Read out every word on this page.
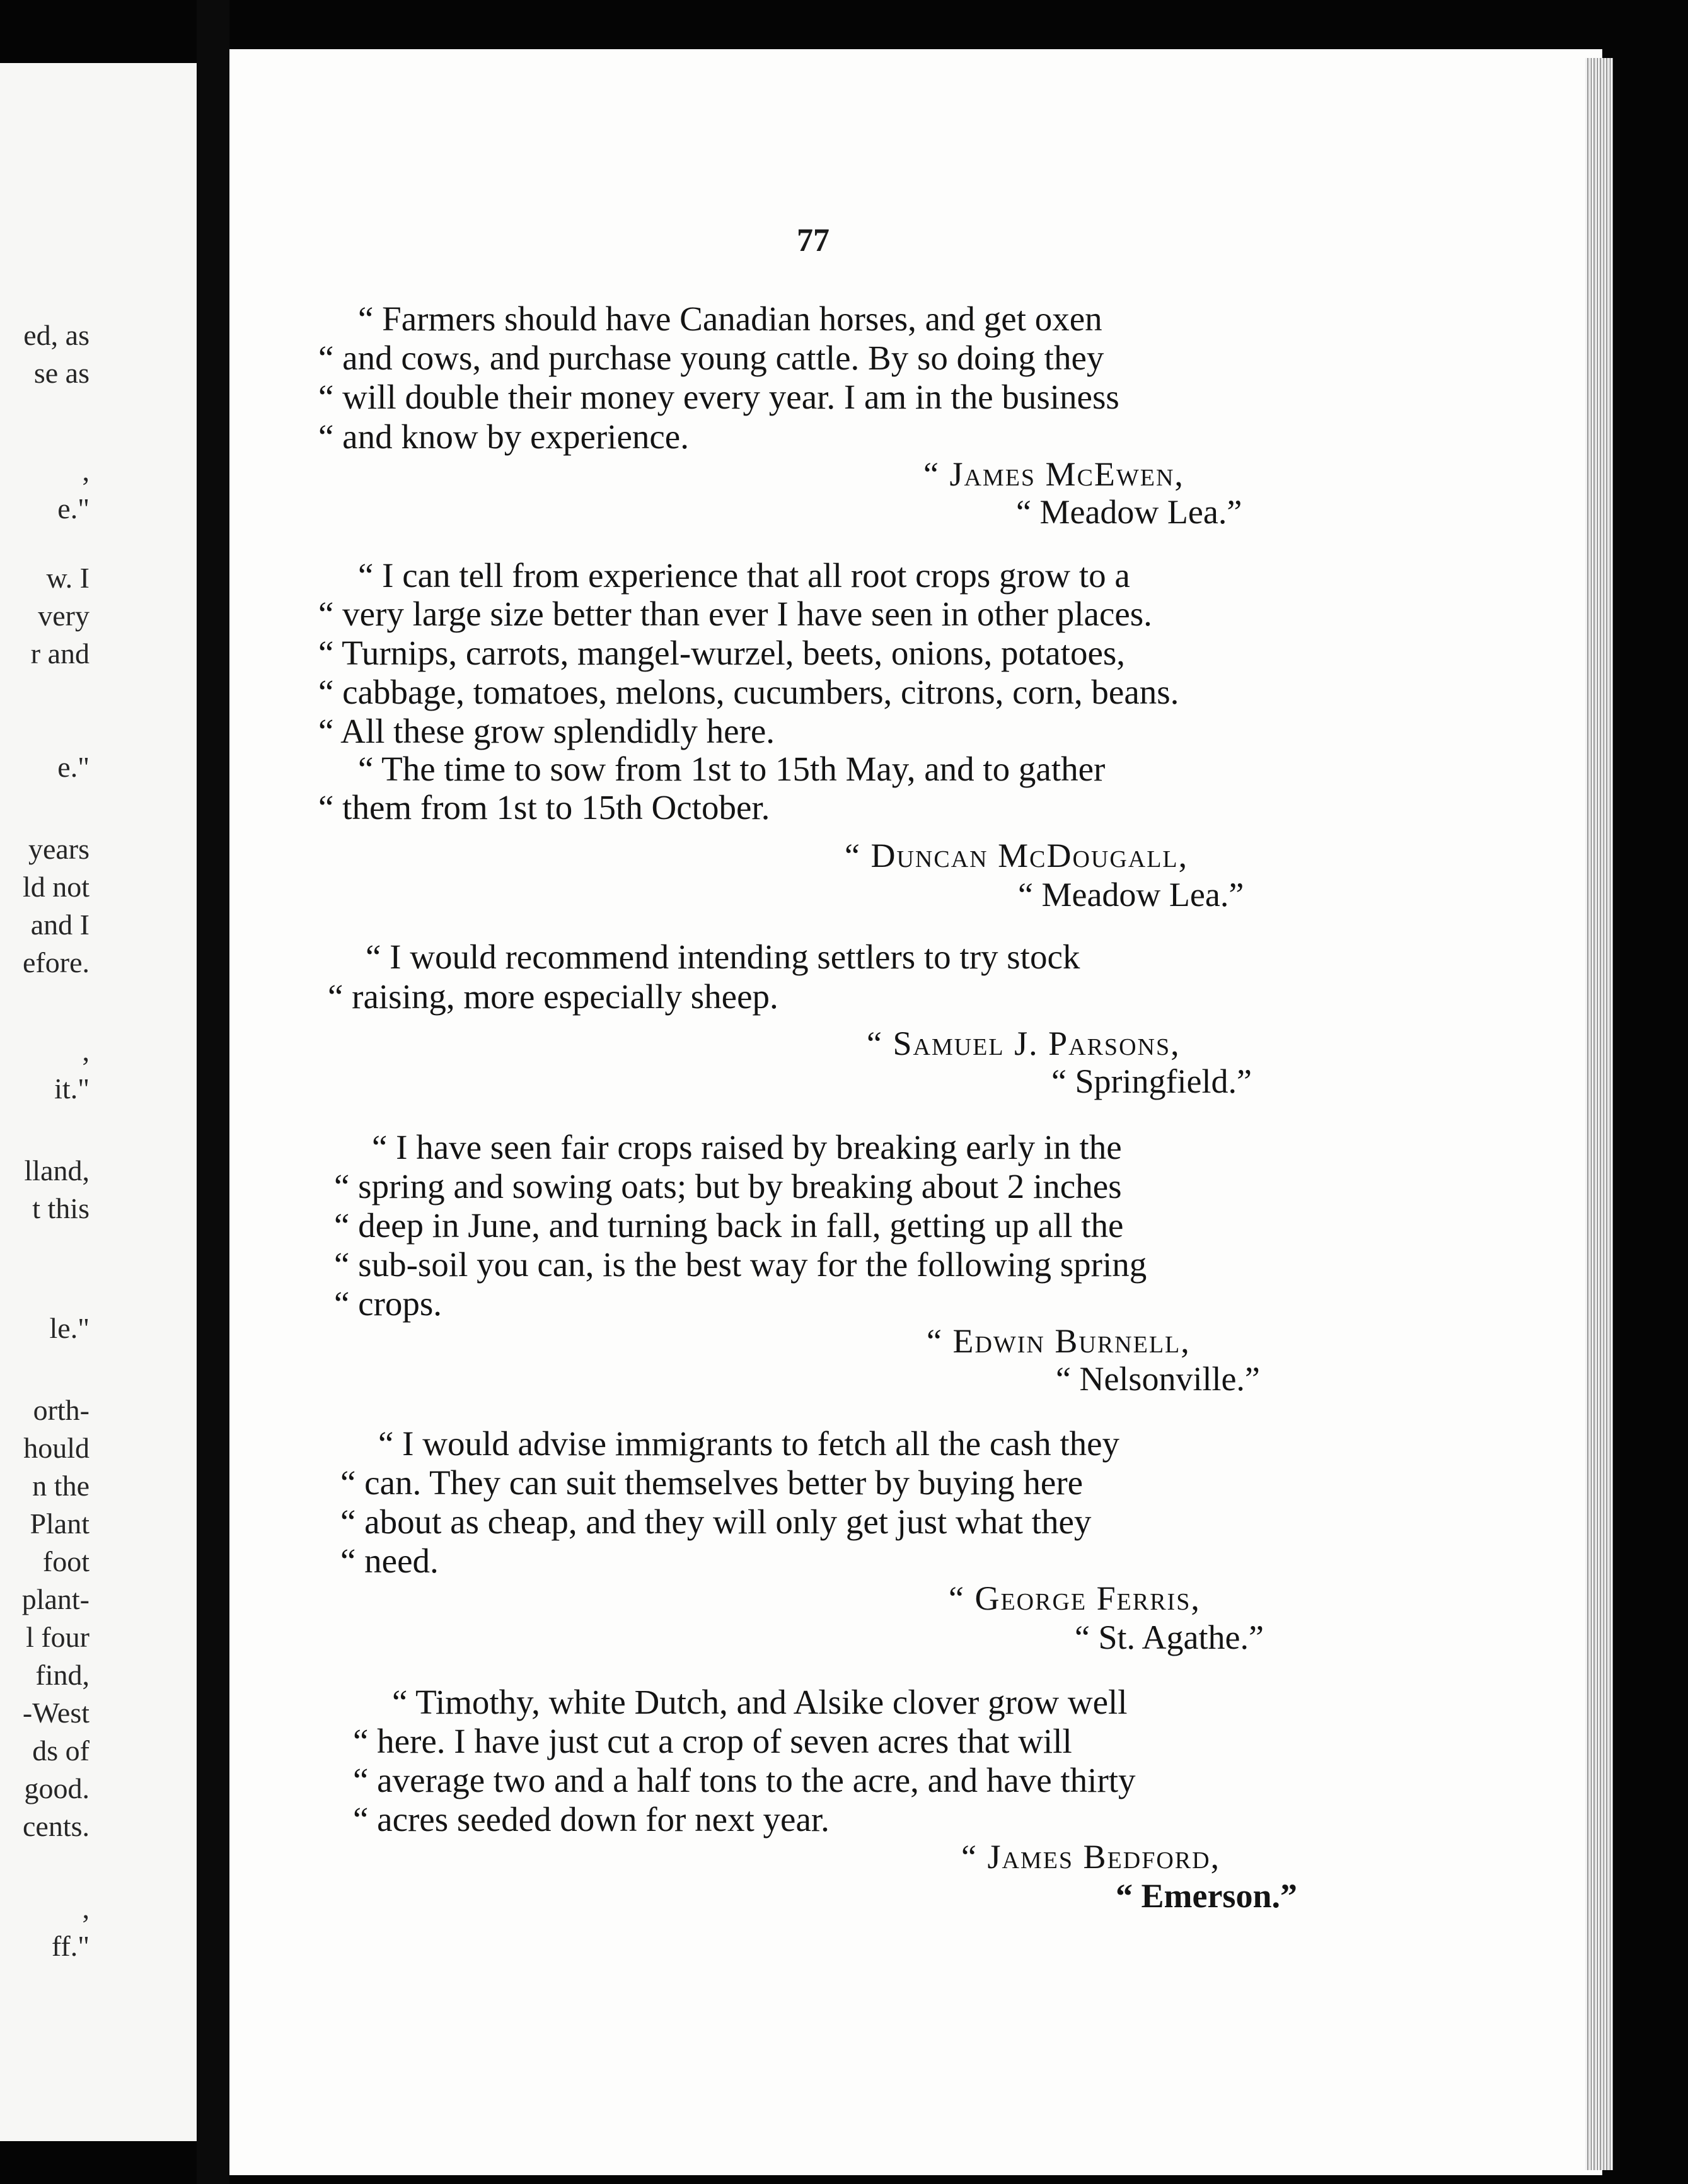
ed, as
se as
,
e."
w. I
very
r and
e."
years
ld not
and I
efore.
,
it."
lland,
t this
le."
orth-
hould
n the
Plant
foot
plant-
l four
find,
-West
ds of
good.
cents.
,
ff."
77
“ Farmers should have Canadian horses, and get oxen
“ and cows, and purchase young cattle. By so doing they
“ will double their money every year. I am in the business
“ and know by experience.
“ James McEwen,
“ Meadow Lea.”
“ I can tell from experience that all root crops grow to a
“ very large size better than ever I have seen in other places.
“ Turnips, carrots, mangel-wurzel, beets, onions, potatoes,
“ cabbage, tomatoes, melons, cucumbers, citrons, corn, beans.
“ All these grow splendidly here.
“ The time to sow from 1st to 15th May, and to gather
“ them from 1st to 15th October.
“ Duncan McDougall,
“ Meadow Lea.”
“ I would recommend intending settlers to try stock
“ raising, more especially sheep.
“ Samuel J. Parsons,
“ Springfield.”
“ I have seen fair crops raised by breaking early in the
“ spring and sowing oats; but by breaking about 2 inches
“ deep in June, and turning back in fall, getting up all the
“ sub-soil you can, is the best way for the following spring
“ crops.
“ Edwin Burnell,
“ Nelsonville.”
“ I would advise immigrants to fetch all the cash they
“ can. They can suit themselves better by buying here
“ about as cheap, and they will only get just what they
“ need.
“ George Ferris,
“ St. Agathe.”
“ Timothy, white Dutch, and Alsike clover grow well
“ here. I have just cut a crop of seven acres that will
“ average two and a half tons to the acre, and have thirty
“ acres seeded down for next year.
“ James Bedford,
“ Emerson.”
